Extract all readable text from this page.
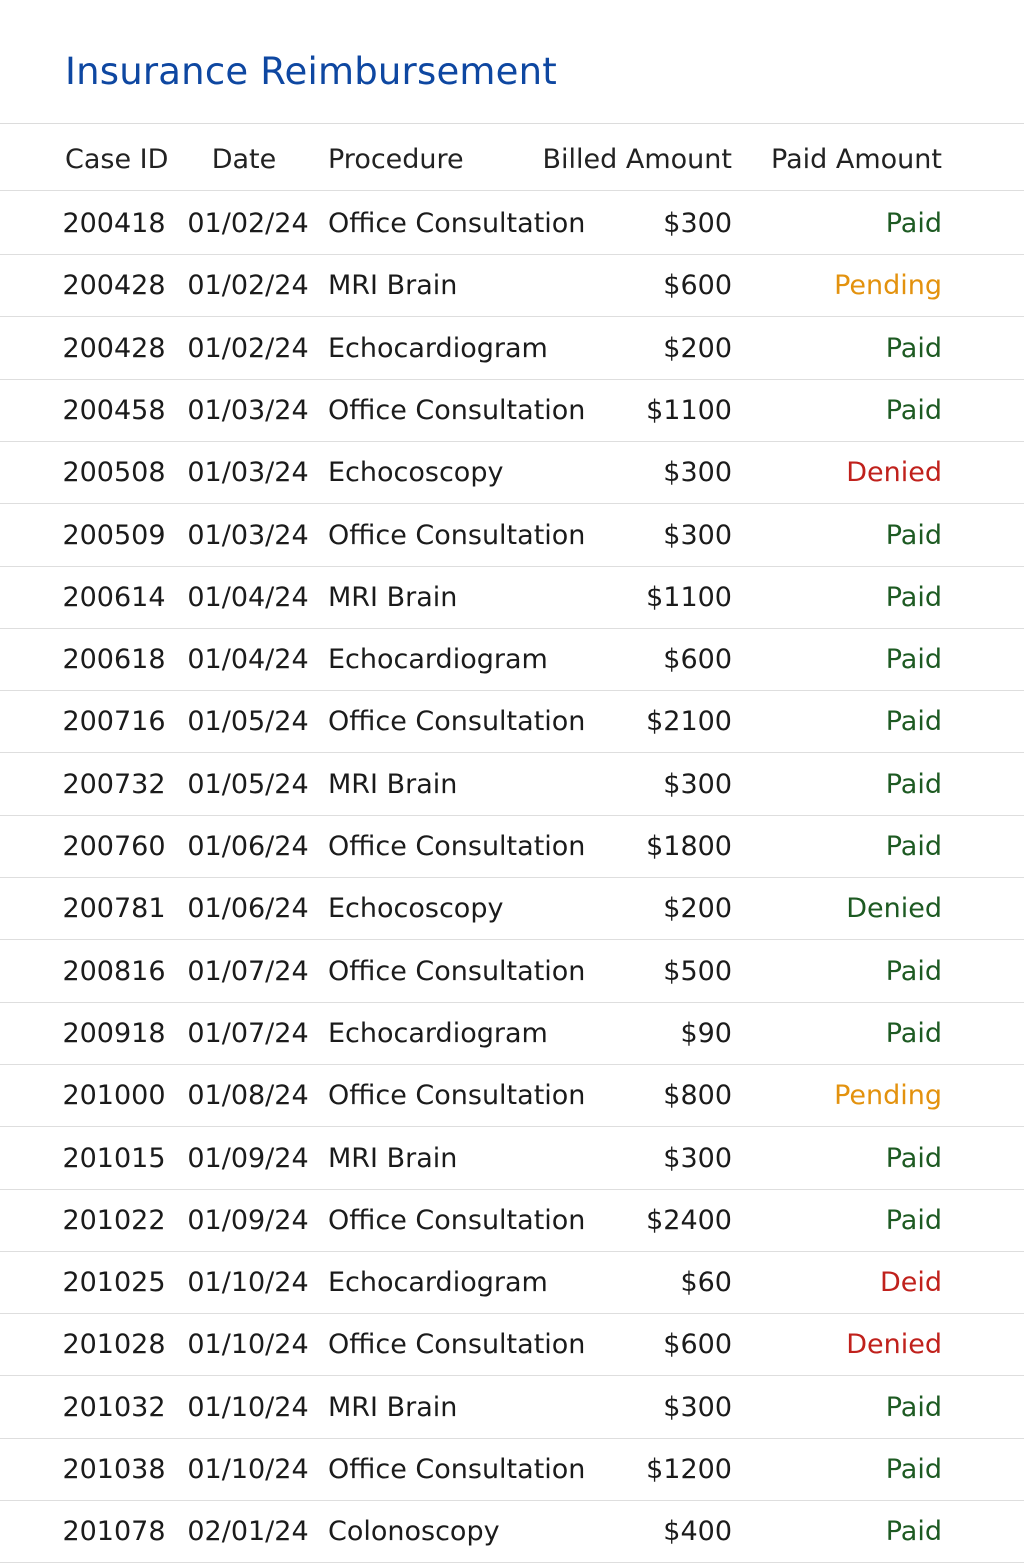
Insurance Reimbursement
Case ID	Date	Procedure	Billed Amount	Paid Amount
200418 01/02/24 Office Consultation	$300	Paid
200428 01/02/24 MRI Brain	$600	Pending
200428 01/02/24 Echocardiogram	$200	Paid
200458 01/03/24 Office Consultation	$1100	Paid
200508 01/03/24 Echocoscopy	$300	Denied
200509 01/03/24 Office Consultation	$300	Paid
200614 01/04/24 MRI Brain	$1100	Paid
200618 01/04/24 Echocardiogram	$600	Paid
200716 01/05/24 Office Consultation	$2100	Paid
200732 01/05/24 MRI Brain	$300	Paid
200760 01/06/24 Office Consultation	$1800	Paid
200781 01/06/24 Echocoscopy	$200	Denied
200816 01/07/24 Office Consultation	$500	Paid
200918 01/07/24 Echocardiogram	$90	Paid
201000 01/08/24 Office Consultation	$800	Pending
201015 01/09/24 MRI Brain	$300	Paid
201022 01/09/24 Office Consultation	$2400	Paid
201025 01/10/24 Echocardiogram	$60	Deid
201028 01/10/24 Office Consultation	$600	Denied
201032 01/10/24 MRI Brain	$300	Paid
201038 01/10/24 Office Consultation	$1200	Paid
201078 02/01/24 Colonoscopy	$400	Paid
